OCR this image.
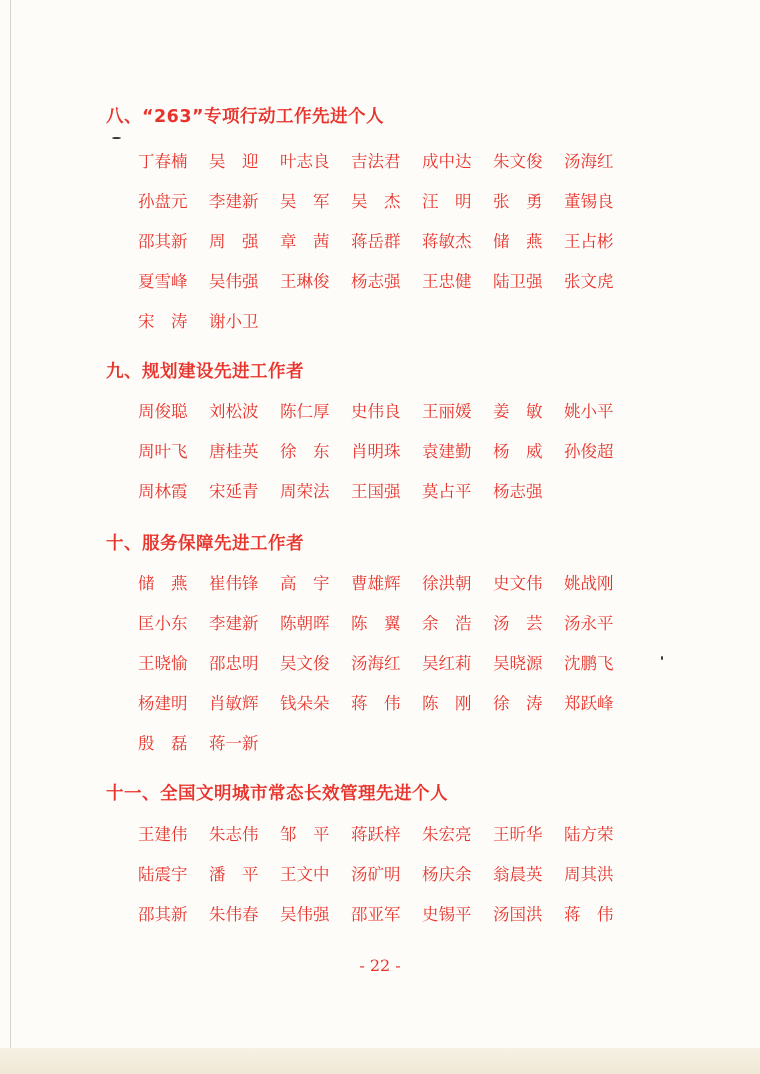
八、“263”专项行动工作先进个人
丁春楠	吴　迎	叶志良	吉法君	成中达	朱文俊	汤海红
孙盘元	李建新	吴　军	吴　杰	汪　明	张　勇	董锡良
邵其新	周　强	章　茜	蒋岳群	蒋敏杰	储　燕	王占彬
夏雪峰	吴伟强	王琳俊	杨志强	王忠健	陆卫强	张文虎
宋　涛	谢小卫
九、规划建设先进工作者
周俊聪	刘松波	陈仁厚	史伟良	王丽媛	姜　敏	姚小平
周叶飞	唐桂英	徐　东	肖明珠	袁建勤	杨　威	孙俊超
周林霞	宋延青	周荣法	王国强	莫占平	杨志强
十、服务保障先进工作者
储　燕	崔伟锋	高　宇	曹雄辉	徐洪朝	史文伟	姚战刚
匡小东	李建新	陈朝晖	陈　翼	余　浩	汤　芸	汤永平
王晓愉	邵忠明	吴文俊	汤海红	吴红莉	吴晓源	沈鹏飞
杨建明	肖敏辉	钱朵朵	蒋　伟	陈　刚	徐　涛	郑跃峰
殷　磊	蒋一新
十一、全国文明城市常态长效管理先进个人
王建伟	朱志伟	邹　平	蒋跃梓	朱宏亮	王昕华	陆方荣
陆震宇	潘　平	王文中	汤矿明	杨庆余	翁晨英	周其洪
邵其新	朱伟春	吴伟强	邵亚军	史锡平	汤国洪	蒋　伟
- 22 -
